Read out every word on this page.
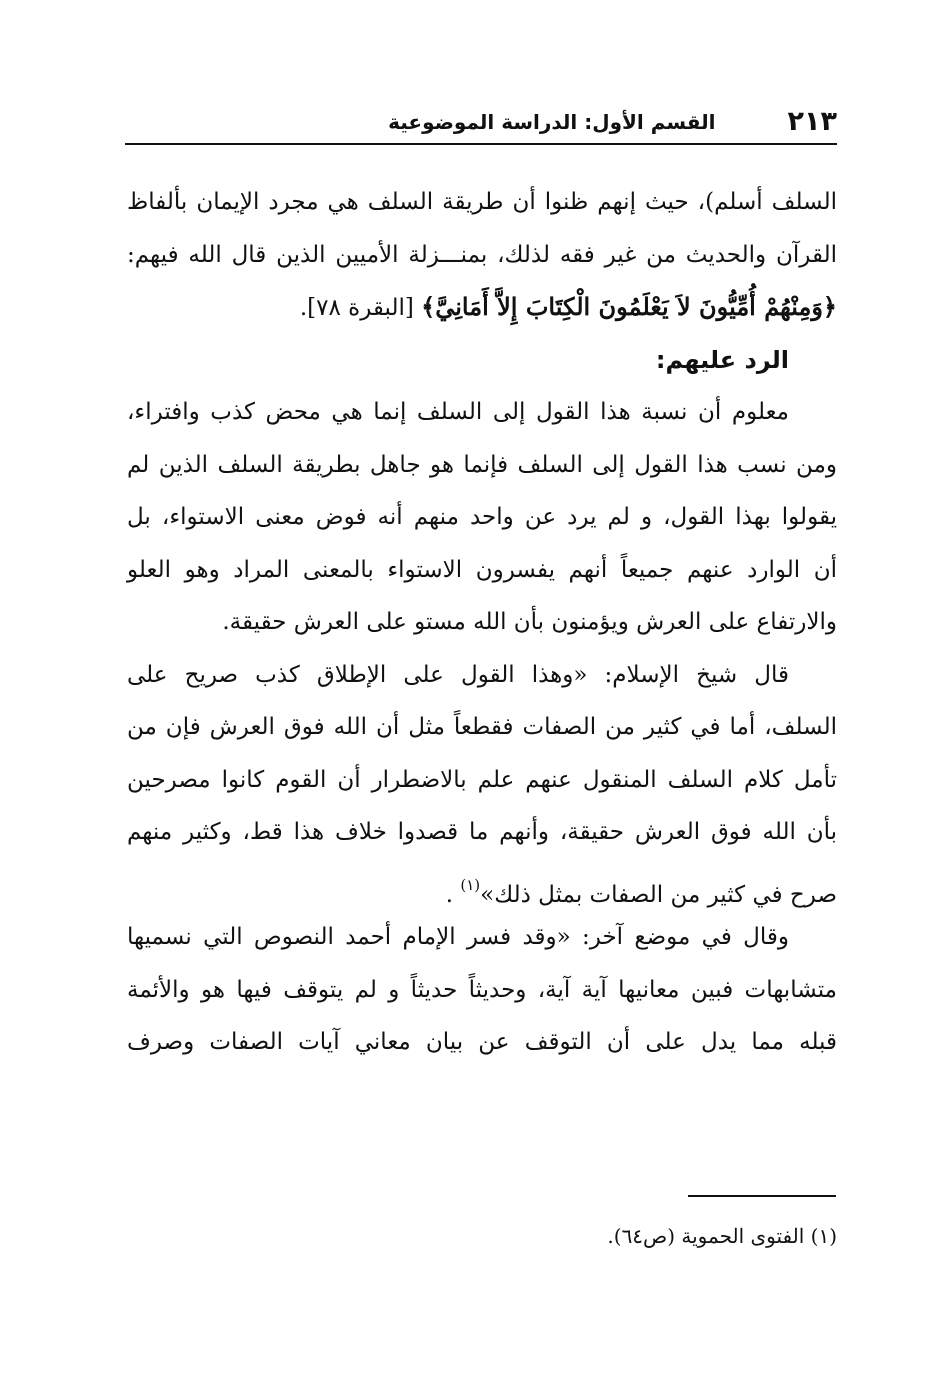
٢١٣
القسم الأول: الدراسة الموضوعية
السلف أسلم)، حيث إنهم ظنوا أن طريقة السلف هي مجرد الإيمان بألفاظ
القرآن والحديث من غير فقه لذلك، بمنـــزلة الأميين الذين قال الله فيهم:
﴿وَمِنْهُمْ أُمِّيُّونَ لاَ يَعْلَمُونَ الْكِتَابَ إِلاَّ أَمَانِيَّ﴾ [البقرة ٧٨].
الرد عليهم:
معلوم أن نسبة هذا القول إلى السلف إنما هي محض كذب وافتراء،
ومن نسب هذا القول إلى السلف فإنما هو جاهل بطريقة السلف الذين لم
يقولوا بهذا القول، و لم يرد عن واحد منهم أنه فوض معنى الاستواء، بل
أن الوارد عنهم جميعاً أنهم يفسرون الاستواء بالمعنى المراد وهو العلو
والارتفاع على العرش ويؤمنون بأن الله مستو على العرش حقيقة.
قال شيخ الإسلام: «وهذا القول على الإطلاق كذب صريح على
السلف، أما في كثير من الصفات فقطعاً مثل أن الله فوق العرش فإن من
تأمل كلام السلف المنقول عنهم علم بالاضطرار أن القوم كانوا مصرحين
بأن الله فوق العرش حقيقة، وأنهم ما قصدوا خلاف هذا قط، وكثير منهم
صرح في كثير من الصفات بمثل ذلك»$^{(١)}$ .
وقال في موضع آخر: «وقد فسر الإمام أحمد النصوص التي نسميها
متشابهات فبين معانيها آية آية، وحديثاً حديثاً و لم يتوقف فيها هو والأئمة
قبله مما يدل على أن التوقف عن بيان معاني آيات الصفات وصرف
(١) الفتوى الحموية (ص٦٤).
